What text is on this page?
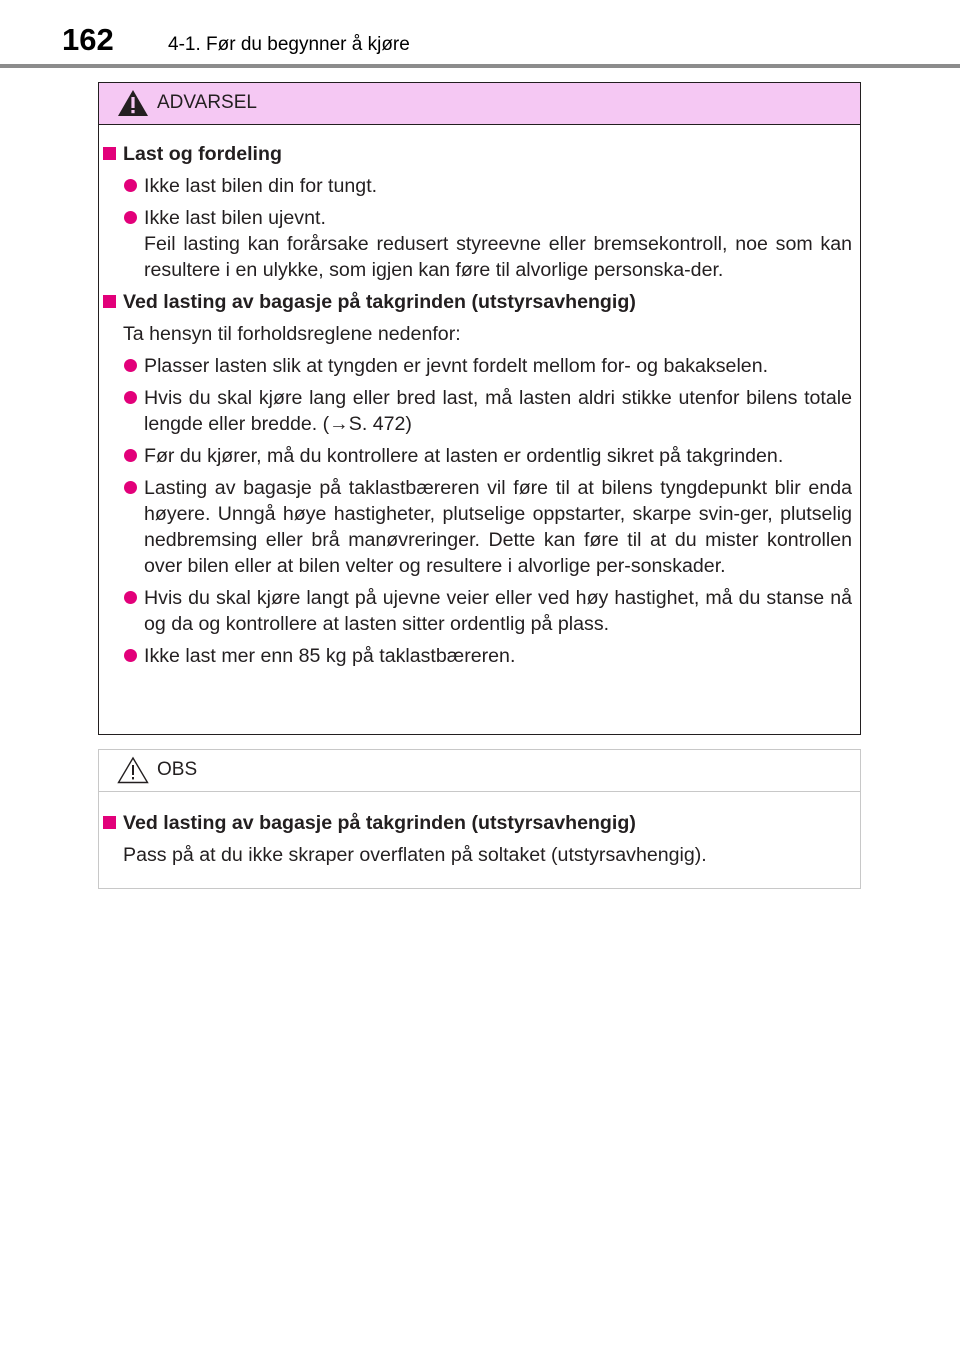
162	4-1. Før du begynner å kjøre
ADVARSEL
Last og fordeling
Ikke last bilen din for tungt.
Ikke last bilen ujevnt.
Feil lasting kan forårsake redusert styreevne eller bremsekontroll, noe som kan resultere i en ulykke, som igjen kan føre til alvorlige personska-der.
Ved lasting av bagasje på takgrinden (utstyrsavhengig)
Ta hensyn til forholdsreglene nedenfor:
Plasser lasten slik at tyngden er jevnt fordelt mellom for- og bakakselen.
Hvis du skal kjøre lang eller bred last, må lasten aldri stikke utenfor bilens totale lengde eller bredde. (→S. 472)
Før du kjører, må du kontrollere at lasten er ordentlig sikret på takgrinden.
Lasting av bagasje på taklastbæreren vil føre til at bilens tyngdepunkt blir enda høyere. Unngå høye hastigheter, plutselige oppstarter, skarpe svin-ger, plutselig nedbremsing eller brå manøvreringer. Dette kan føre til at du mister kontrollen over bilen eller at bilen velter og resultere i alvorlige per-sonskader.
Hvis du skal kjøre langt på ujevne veier eller ved høy hastighet, må du stanse nå og da og kontrollere at lasten sitter ordentlig på plass.
Ikke last mer enn 85 kg på taklastbæreren.
OBS
Ved lasting av bagasje på takgrinden (utstyrsavhengig)
Pass på at du ikke skraper overflaten på soltaket (utstyrsavhengig).
